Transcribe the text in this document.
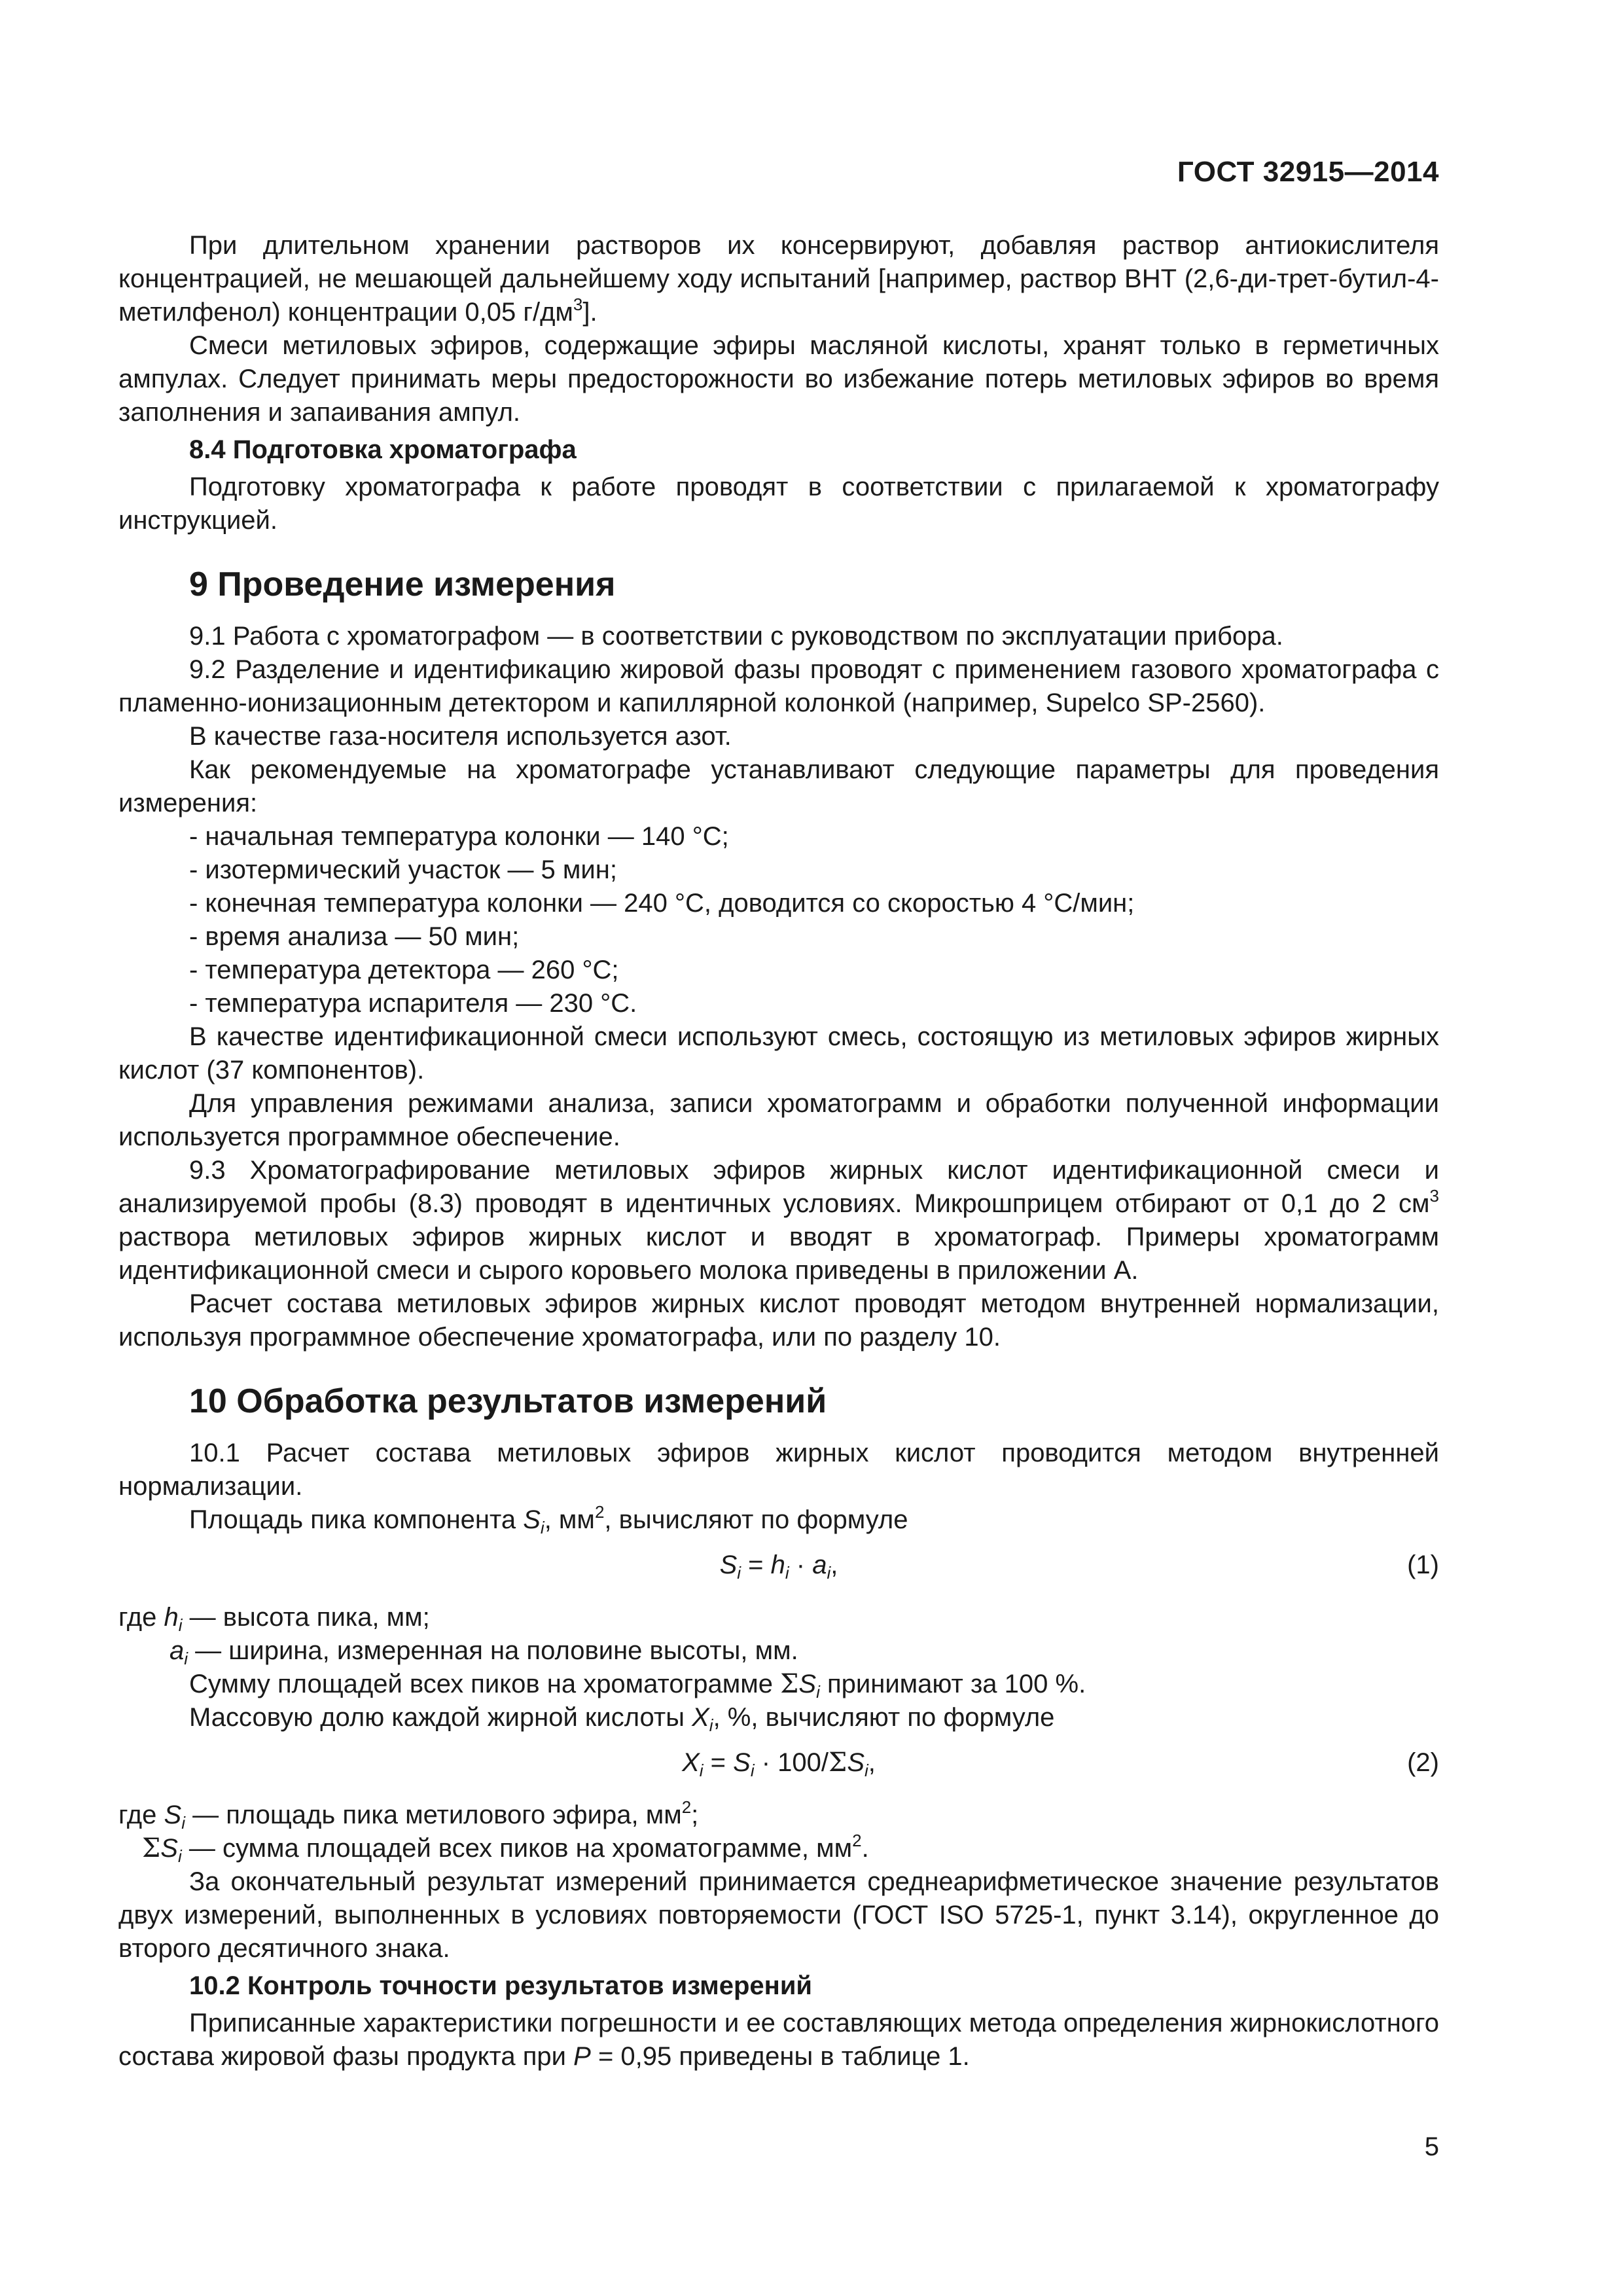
ГОСТ 32915—2014

При длительном хранении растворов их консервируют, добавляя раствор антиокислителя концентрацией, не мешающей дальнейшему ходу испытаний [например, раствор ВНТ (2,6-ди-трет-бутил-4-метилфенол) концентрации 0,05 $г/дм^3$].

Смеси метиловых эфиров, содержащие эфиры масляной кислоты, хранят только в герметичных ампулах. Следует принимать меры предосторожности во избежание потерь метиловых эфиров во время заполнения и запаивания ампул.

8.4 Подготовка хроматографа

Подготовку хроматографа к работе проводят в соответствии с прилагаемой к хроматографу инструкцией.

9 Проведение измерения

9.1 Работа с хроматографом — в соответствии с руководством по эксплуатации прибора.

9.2 Разделение и идентификацию жировой фазы проводят с применением газового хроматографа с пламенно-ионизационным детектором и капиллярной колонкой (например, Supelco SP-2560).

В качестве газа-носителя используется азот.

Как рекомендуемые на хроматографе устанавливают следующие параметры для проведения измерения:

- начальная температура колонки — 140 °С;

- изотермический участок — 5 мин;

- конечная температура колонки — 240 °С, доводится со скоростью 4 °С/мин;

- время анализа — 50 мин;

- температура детектора — 260 °С;

- температура испарителя — 230 °С.

В качестве идентификационной смеси используют смесь, состоящую из метиловых эфиров жирных кислот (37 компонентов).

Для управления режимами анализа, записи хроматограмм и обработки полученной информации используется программное обеспечение.

9.3 Хроматографирование метиловых эфиров жирных кислот идентификационной смеси и анализируемой пробы (8.3) проводят в идентичных условиях. Микрошприцем отбирают от 0,1 до 2 $см^3$ раствора метиловых эфиров жирных кислот и вводят в хроматограф. Примеры хроматограмм идентификационной смеси и сырого коровьего молока приведены в приложении А.

Расчет состава метиловых эфиров жирных кислот проводят методом внутренней нормализации, используя программное обеспечение хроматографа, или по разделу 10.

10 Обработка результатов измерений

10.1 Расчет состава метиловых эфиров жирных кислот проводится методом внутренней нормализации.

Площадь пика компонента $S_i$, $мм^2$, вычисляют по формуле

$S_i = h_i \cdot a_i$,	(1)

где $h_i$ — высота пика, мм;

$a_i$ — ширина, измеренная на половине высоты, мм.

Сумму площадей всех пиков на хроматограмме $\Sigma S_i$ принимают за 100 %.

Массовую долю каждой жирной кислоты $X_i$, %, вычисляют по формуле

$X_i = S_i \cdot 100/\Sigma S_i$,	(2)

где $S_i$ — площадь пика метилового эфира, $мм^2$;

$\Sigma S_i$ — сумма площадей всех пиков на хроматограмме, $мм^2$.

За окончательный результат измерений принимается среднеарифметическое значение результатов двух измерений, выполненных в условиях повторяемости (ГОСТ ISO 5725-1, пункт 3.14), округленное до второго десятичного знака.

10.2 Контроль точности результатов измерений

Приписанные характеристики погрешности и ее составляющих метода определения жирнокислотного состава жировой фазы продукта при P = 0,95 приведены в таблице 1.

5
